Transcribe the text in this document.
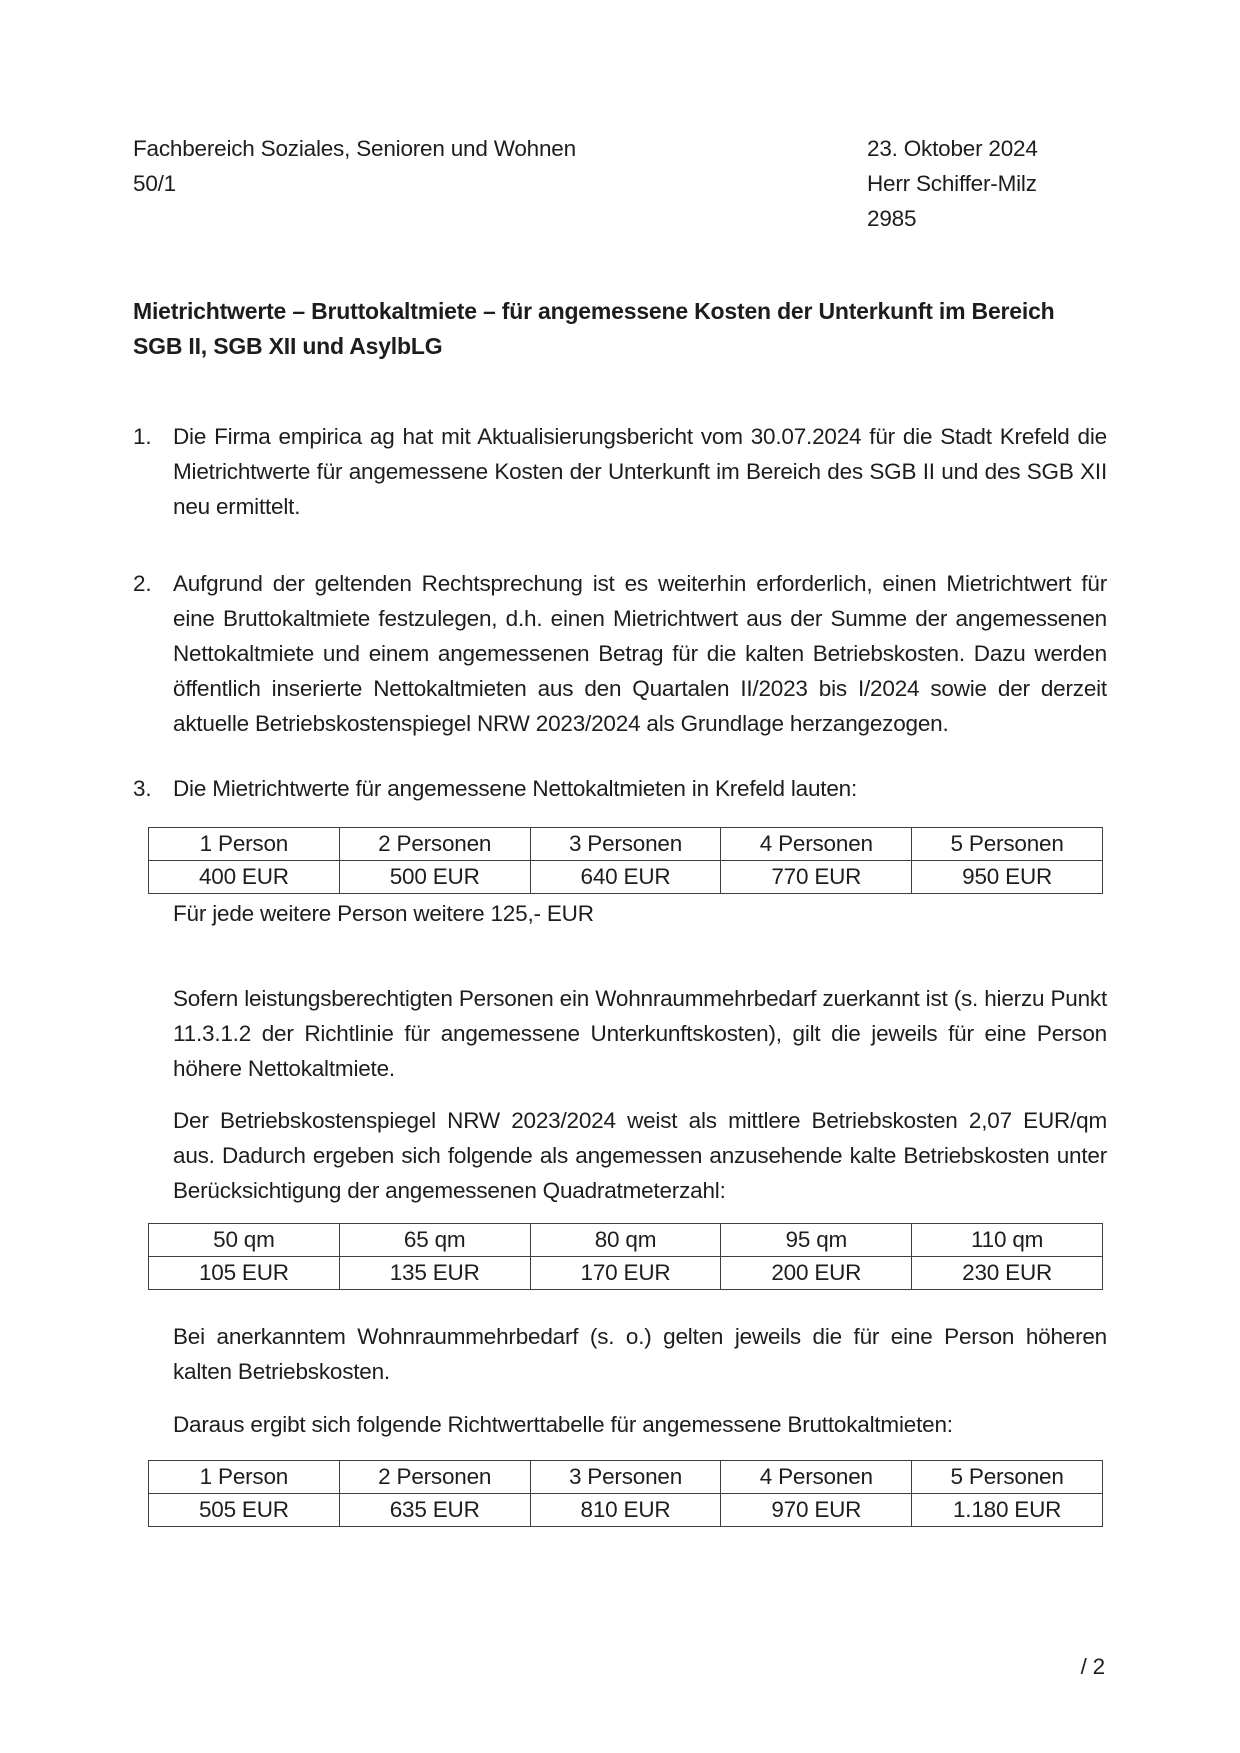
Fachbereich Soziales, Senioren und Wohnen
50/1
23. Oktober 2024
Herr Schiffer-Milz
2985
Mietrichtwerte – Bruttokaltmiete – für angemessene Kosten der Unterkunft im Bereich SGB II, SGB XII und AsylbLG
1. Die Firma empirica ag hat mit Aktualisierungsbericht vom 30.07.2024 für die Stadt Krefeld die Mietrichtwerte für angemessene Kosten der Unterkunft im Bereich des SGB II und des SGB XII neu ermittelt.
2. Aufgrund der geltenden Rechtsprechung ist es weiterhin erforderlich, einen Mietrichtwert für eine Bruttokaltmiete festzulegen, d.h. einen Mietrichtwert aus der Summe der angemessenen Nettokaltmiete und einem angemessenen Betrag für die kalten Betriebskosten. Dazu werden öffentlich inserierte Nettokaltmieten aus den Quartalen II/2023 bis I/2024 sowie der derzeit aktuelle Betriebskostenspiegel NRW 2023/2024 als Grundlage herzangezogen.
3. Die Mietrichtwerte für angemessene Nettokaltmieten in Krefeld lauten:
1 Person	2 Personen	3 Personen	4 Personen	5 Personen
400 EUR	500 EUR	640 EUR	770 EUR	950 EUR
Für jede weitere Person weitere 125,- EUR
Sofern leistungsberechtigten Personen ein Wohnraummehrbedarf zuerkannt ist (s. hierzu Punkt 11.3.1.2 der Richtlinie für angemessene Unterkunftskosten), gilt die jeweils für eine Person höhere Nettokaltmiete.
Der Betriebskostenspiegel NRW 2023/2024 weist als mittlere Betriebskosten 2,07 EUR/qm aus. Dadurch ergeben sich folgende als angemessen anzusehende kalte Betriebskosten unter Berücksichtigung der angemessenen Quadratmeterzahl:
50 qm	65 qm	80 qm	95 qm	110 qm
105 EUR	135 EUR	170 EUR	200 EUR	230 EUR
Bei anerkanntem Wohnraummehrbedarf (s. o.) gelten jeweils die für eine Person höheren kalten Betriebskosten.
Daraus ergibt sich folgende Richtwerttabelle für angemessene Bruttokaltmieten:
1 Person	2 Personen	3 Personen	4 Personen	5 Personen
505 EUR	635 EUR	810 EUR	970 EUR	1.180 EUR
/ 2
